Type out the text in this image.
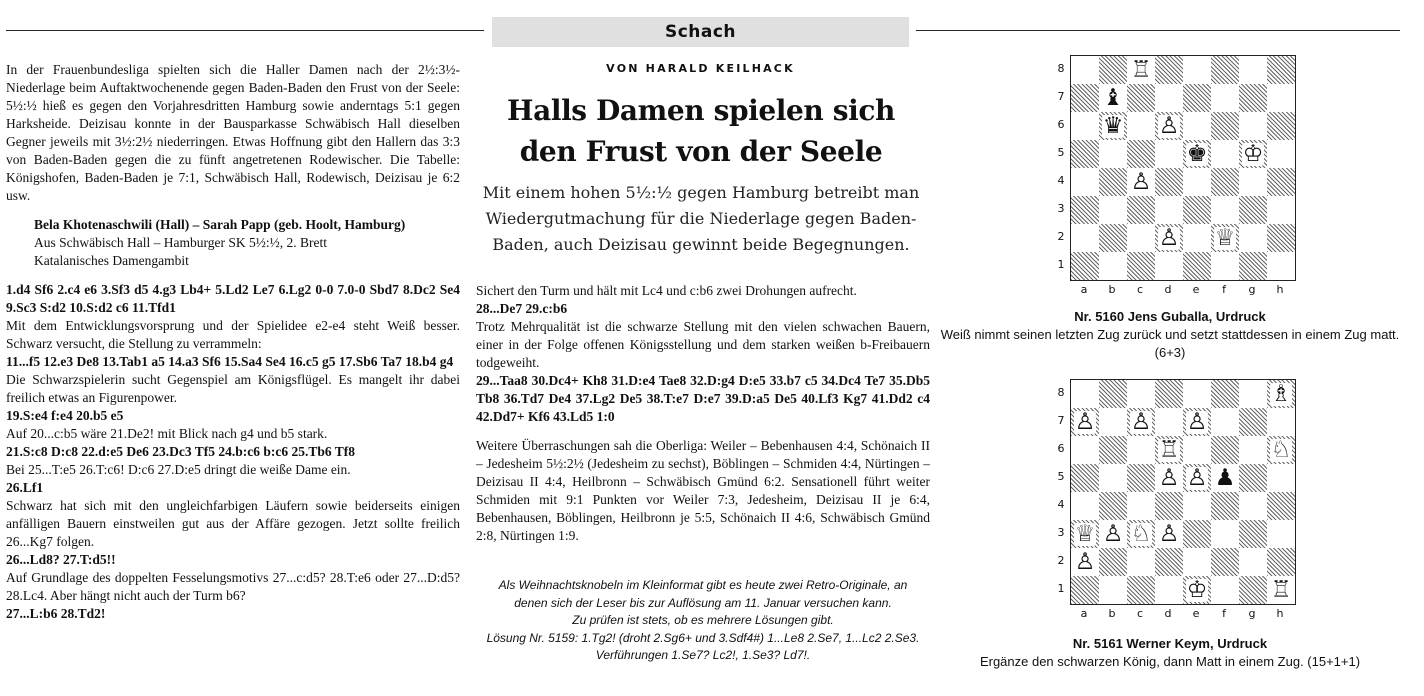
Schach

In der Frauenbundesliga spielten sich die Haller Damen nach der 2½:3½-Niederlage beim Auftaktwochenende gegen Baden-Baden den Frust von der Seele: 5½:½ hieß es gegen den Vorjahresdritten Hamburg sowie anderntags 5:1 gegen Harksheide. Deizisau konnte in der Bausparkasse Schwäbisch Hall dieselben Gegner jeweils mit 3½:2½ niederringen. Etwas Hoffnung gibt den Hallern das 3:3 von Baden-Baden gegen die zu fünft angetretenen Rodewischer. Die Tabelle: Königshofen, Baden-Baden je 7:1, Schwäbisch Hall, Rodewisch, Deizisau je 6:2 usw.

Bela Khotenaschwili (Hall) – Sarah Papp (geb. Hoolt, Hamburg)

Aus Schwäbisch Hall – Hamburger SK 5½:½, 2. Brett

Katalanisches Damengambit

1.d4 Sf6 2.c4 e6 3.Sf3 d5 4.g3 Lb4+ 5.Ld2 Le7 6.Lg2 0-0 7.0-0 Sbd7 8.Dc2 Se4 9.Sc3 S:d2 10.S:d2 c6 11.Tfd1

Mit dem Entwicklungsvorsprung und der Spielidee e2-e4 steht Weiß besser. Schwarz versucht, die Stellung zu verrammeln:

11...f5 12.e3 De8 13.Tab1 a5 14.a3 Sf6 15.Sa4 Se4 16.c5 g5 17.Sb6 Ta7 18.b4 g4

Die Schwarzspielerin sucht Gegenspiel am Königsflügel. Es mangelt ihr dabei freilich etwas an Figurenpower.

19.S:e4 f:e4 20.b5 e5

Auf 20...c:b5 wäre 21.De2! mit Blick nach g4 und b5 stark.

21.S:c8 D:c8 22.d:e5 De6 23.Dc3 Tf5 24.b:c6 b:c6 25.Tb6 Tf8

Bei 25...T:e5 26.T:c6! D:c6 27.D:e5 dringt die weiße Dame ein.

26.Lf1

Schwarz hat sich mit den ungleichfarbigen Läufern sowie beiderseits einigen anfälligen Bauern einstweilen gut aus der Affäre gezogen. Jetzt sollte freilich 26...Kg7 folgen.

26...Ld8? 27.T:d5!!

Auf Grundlage des doppelten Fesselungsmotivs 27...c:d5? 28.T:e6 oder 27...D:d5? 28.Lc4. Aber hängt nicht auch der Turm b6?

27...L:b6 28.Td2!

VON HARALD KEILHACK
Halls Damen spielen sich den Frust von der Seele
Mit einem hohen 5½:½ gegen Hamburg betreibt man Wiedergutmachung für die Niederlage gegen Baden-Baden, auch Deizisau gewinnt beide Begegnungen.

Sichert den Turm und hält mit Lc4 und c:b6 zwei Drohungen aufrecht.

28...De7 29.c:b6

Trotz Mehrqualität ist die schwarze Stellung mit den vielen schwachen Bauern, einer in der Folge offenen Königsstellung und dem starken weißen b-Freibauern todgeweiht.

29...Taa8 30.Dc4+ Kh8 31.D:e4 Tae8 32.D:g4 D:e5 33.b7 c5 34.Dc4 Te7 35.Db5 Tb8 36.Td7 De4 37.Lg2 De5 38.T:e7 D:e7 39.D:a5 De5 40.Lf3 Kg7 41.Dd2 c4 42.Dd7+ Kf6 43.Ld5 1:0

Weitere Überraschungen sah die Oberliga: Weiler – Bebenhausen 4:4, Schönaich II – Jedesheim 5½:2½ (Jedesheim zu sechst), Böblingen – Schmiden 4:4, Nürtingen – Deizisau II 4:4, Heilbronn – Schwäbisch Gmünd 6:2. Sensationell führt weiter Schmiden mit 9:1 Punkten vor Weiler 7:3, Jedesheim, Deizisau II je 6:4, Bebenhausen, Böblingen, Heilbronn je 5:5, Schönaich II 4:6, Schwäbisch Gmünd 2:8, Nürtingen 1:9.

Als Weihnachtsknobeln im Kleinformat gibt es heute zwei Retro-Originale, an
denen sich der Leser bis zur Auflösung am 11. Januar versuchen kann.
Zu prüfen ist stets, ob es mehrere Lösungen gibt.
Lösung Nr. 5159: 1.Tg2! (droht 2.Sg6+ und 3.Sdf4#) 1...Le8 2.Se7, 1...Lc2 2.Se3.
Verführungen 1.Se7? Lc2!, 1.Se3? Ld7!.
8
7
6
5
4
3
2
1
♖
♝
♛ ♙
♚ ♔
♙
♙ ♕
a	b	c	d	e	f	g	h
Nr. 5160 Jens Guballa, Urdruck
Weiß nimmt seinen letzten Zug zurück und setzt stattdessen in einem Zug matt. (6+3)
8
7
6
5
4
3
2
1
♗
♙ ♙ ♙
♖	♘
♙ ♙ ♟
♕ ♙ ♘ ♙
♙
♔	♖
a	b	c	d	e	f	g	h
Nr. 5161 Werner Keym, Urdruck
Ergänze den schwarzen König, dann Matt in einem Zug. (15+1+1)
